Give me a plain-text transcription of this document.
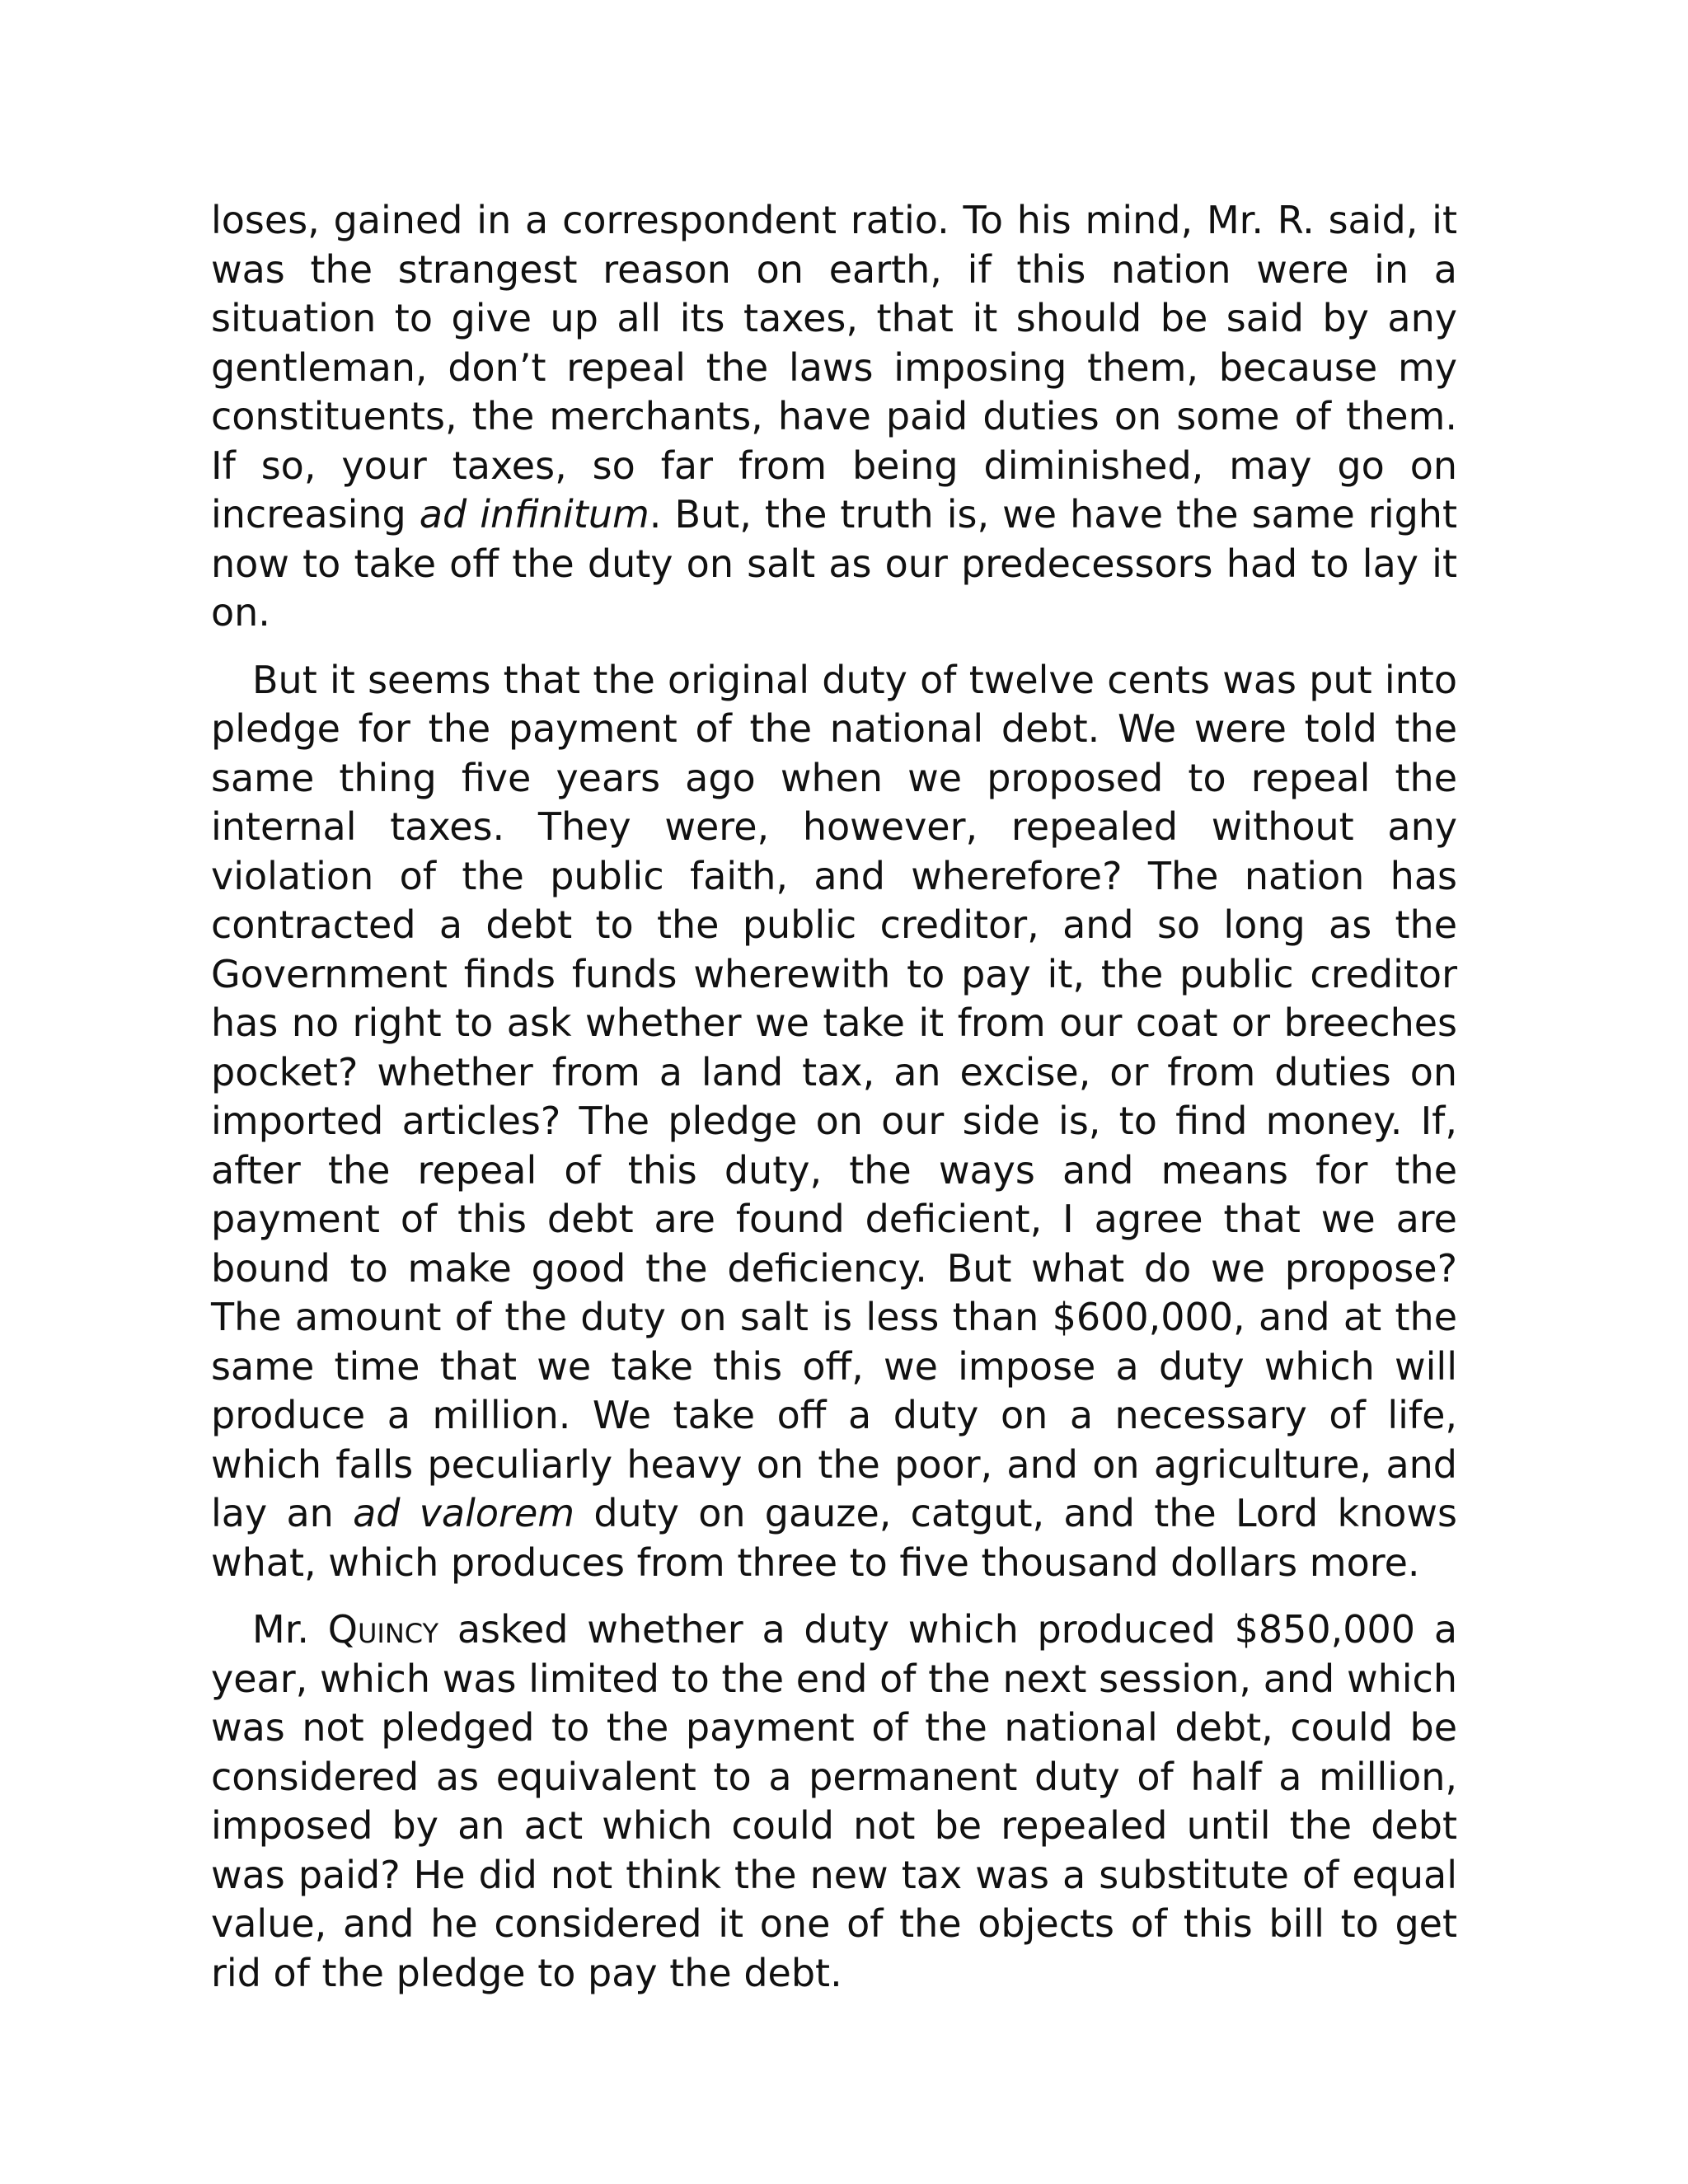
loses, gained in a correspondent ratio. To his mind, Mr. R. said, it was the strangest reason on earth, if this nation were in a situation to give up all its taxes, that it should be said by any gentleman, don’t repeal the laws imposing them, because my constituents, the merchants, have paid duties on some of them. If so, your taxes, so far from being diminished, may go on increasing ad infinitum. But, the truth is, we have the same right now to take off the duty on salt as our predecessors had to lay it on.

But it seems that the original duty of twelve cents was put into pledge for the payment of the national debt. We were told the same thing five years ago when we proposed to repeal the internal taxes. They were, however, repealed without any violation of the public faith, and wherefore? The nation has contracted a debt to the public creditor, and so long as the Government finds funds wherewith to pay it, the public creditor has no right to ask whether we take it from our coat or breeches pocket? whether from a land tax, an excise, or from duties on imported articles? The pledge on our side is, to find money. If, after the repeal of this duty, the ways and means for the payment of this debt are found deficient, I agree that we are bound to make good the deficiency. But what do we propose? The amount of the duty on salt is less than $600,000, and at the same time that we take this off, we impose a duty which will produce a million. We take off a duty on a necessary of life, which falls peculiarly heavy on the poor, and on agriculture, and lay an ad valorem duty on gauze, catgut, and the Lord knows what, which produces from three to five thousand dollars more.

Mr. Quincy asked whether a duty which produced $850,000 a year, which was limited to the end of the next session, and which was not pledged to the payment of the national debt, could be considered as equivalent to a permanent duty of half a million, imposed by an act which could not be repealed until the debt was paid? He did not think the new tax was a substitute of equal value, and he considered it one of the objects of this bill to get rid of the pledge to pay the debt.
